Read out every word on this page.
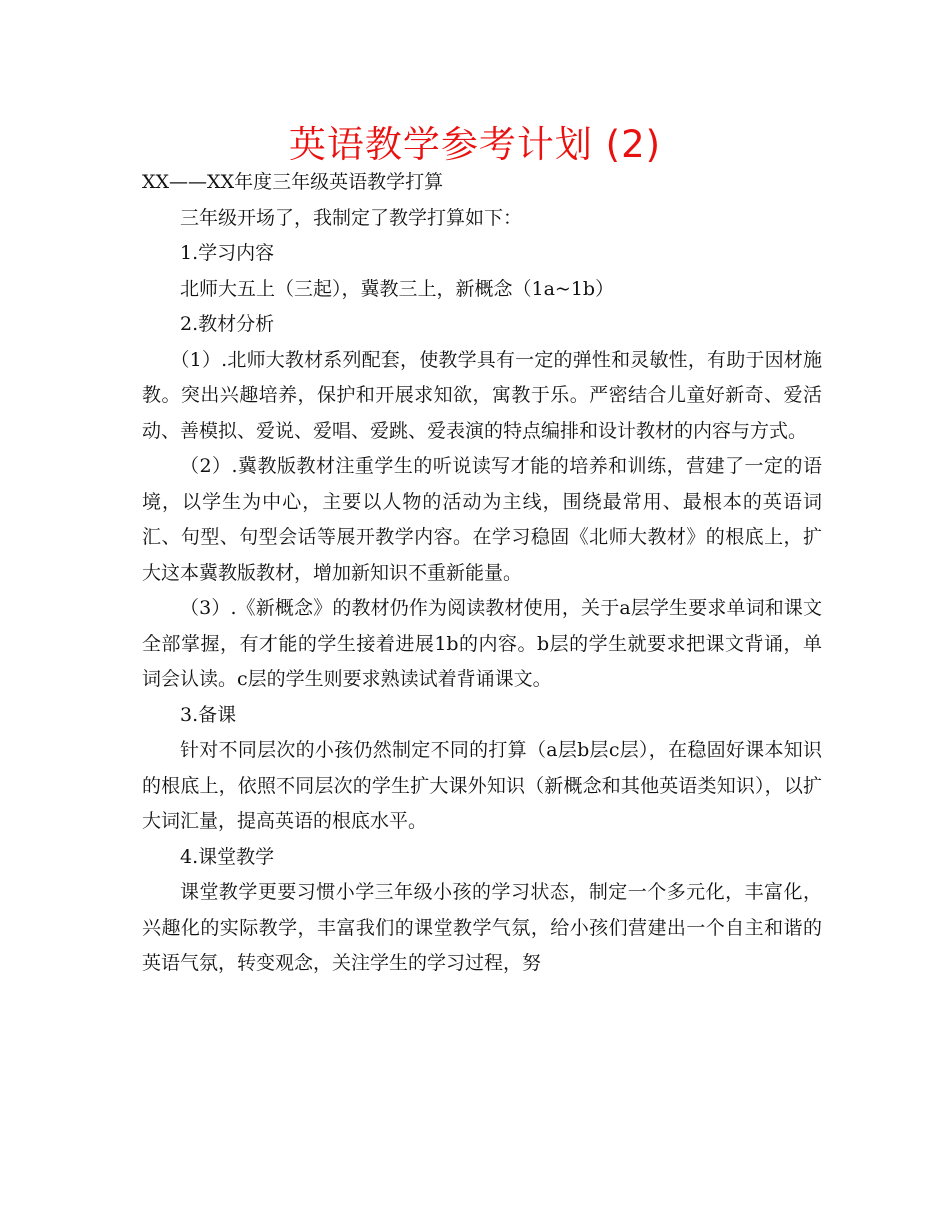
英语教学参考计划 (2)

XX——XX年度三年级英语教学打算

三年级开场了，我制定了教学打算如下：

1.学习内容

北师大五上（三起），冀教三上，新概念（1a~1b）

2.教材分析

（1）.北师大教材系列配套，使教学具有一定的弹性和灵敏性，有助于因材施教。突出兴趣培养，保护和开展求知欲，寓教于乐。严密结合儿童好新奇、爱活动、善模拟、爱说、爱唱、爱跳、爱表演的特点编排和设计教材的内容与方式。

（2）.冀教版教材注重学生的听说读写才能的培养和训练，营建了一定的语境，以学生为中心，主要以人物的活动为主线，围绕最常用、最根本的英语词汇、句型、句型会话等展开教学内容。在学习稳固《北师大教材》的根底上，扩大这本冀教版教材，增加新知识不重新能量。

（3）.《新概念》的教材仍作为阅读教材使用，关于a层学生要求单词和课文全部掌握，有才能的学生接着进展1b的内容。b层的学生就要求把课文背诵，单词会认读。c层的学生则要求熟读试着背诵课文。

3.备课

针对不同层次的小孩仍然制定不同的打算（a层b层c层），在稳固好课本知识的根底上，依照不同层次的学生扩大课外知识（新概念和其他英语类知识），以扩大词汇量，提高英语的根底水平。

4.课堂教学

课堂教学更要习惯小学三年级小孩的学习状态，制定一个多元化，丰富化，兴趣化的实际教学，丰富我们的课堂教学气氛，给小孩们营建出一个自主和谐的英语气氛，转变观念，关注学生的学习过程，努
